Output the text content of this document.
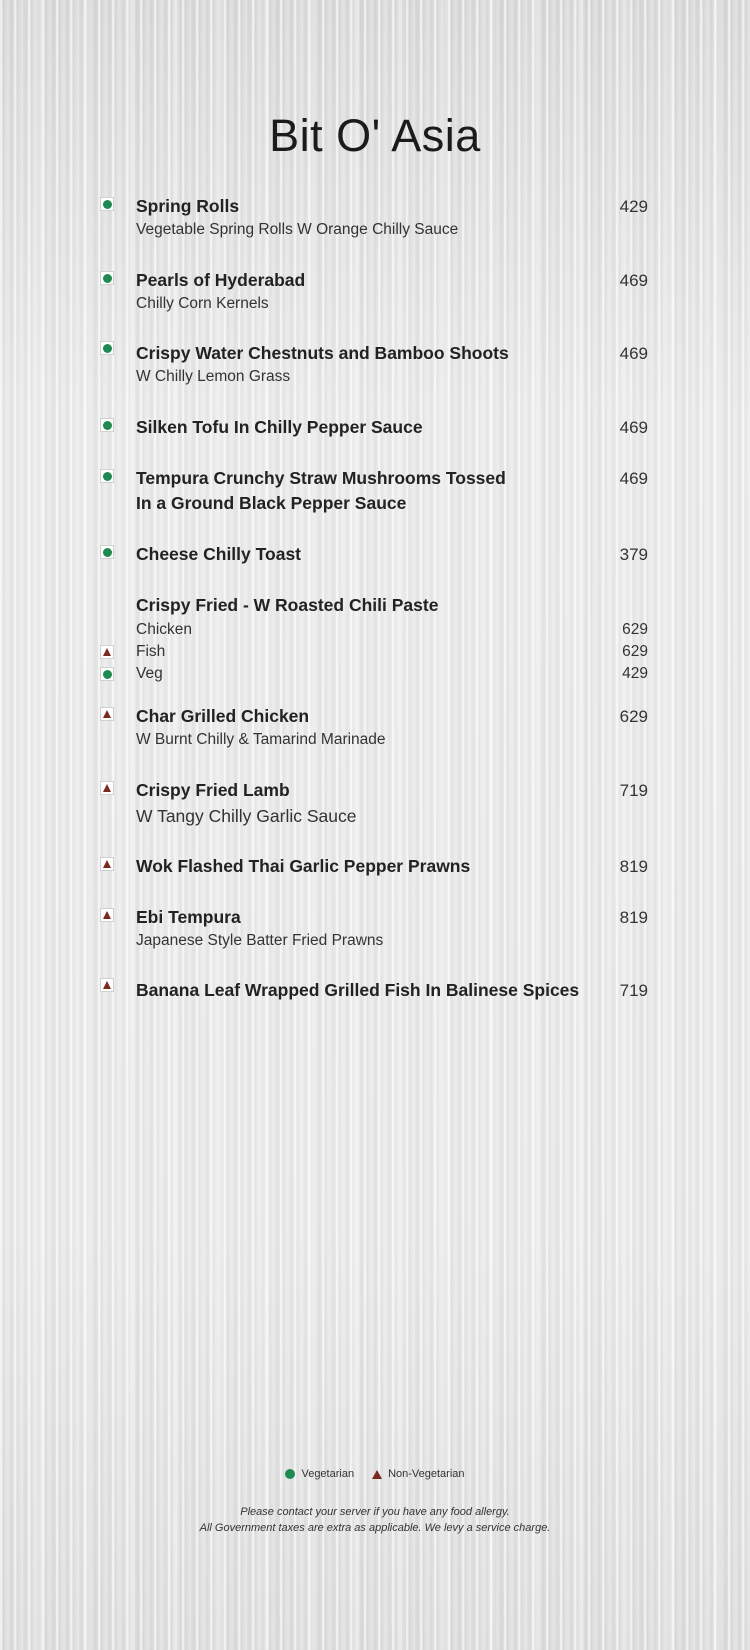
Bit O' Asia
Spring Rolls	429
Vegetable Spring Rolls W Orange Chilly Sauce
Pearls of Hyderabad	469
Chilly Corn Kernels
Crispy Water Chestnuts and Bamboo Shoots	469
W Chilly Lemon Grass
Silken Tofu In Chilly Pepper Sauce	469
Tempura Crunchy Straw Mushrooms Tossed
In a Ground Black Pepper Sauce
469
Cheese Chilly Toast	379
Crispy Fried - W Roasted Chili Paste
Chicken	629
Fish	629
Veg	429
Char Grilled Chicken	629
W Burnt Chilly & Tamarind Marinade
Crispy Fried Lamb	719
W Tangy Chilly Garlic Sauce
Wok Flashed Thai Garlic Pepper Prawns	819
Ebi Tempura	819
Japanese Style Batter Fried Prawns
Banana Leaf Wrapped Grilled Fish In Balinese Spices	719
Vegetarian	Non-Vegetarian
Please contact your server if you have any food allergy.
All Government taxes are extra as applicable. We levy a service charge.
